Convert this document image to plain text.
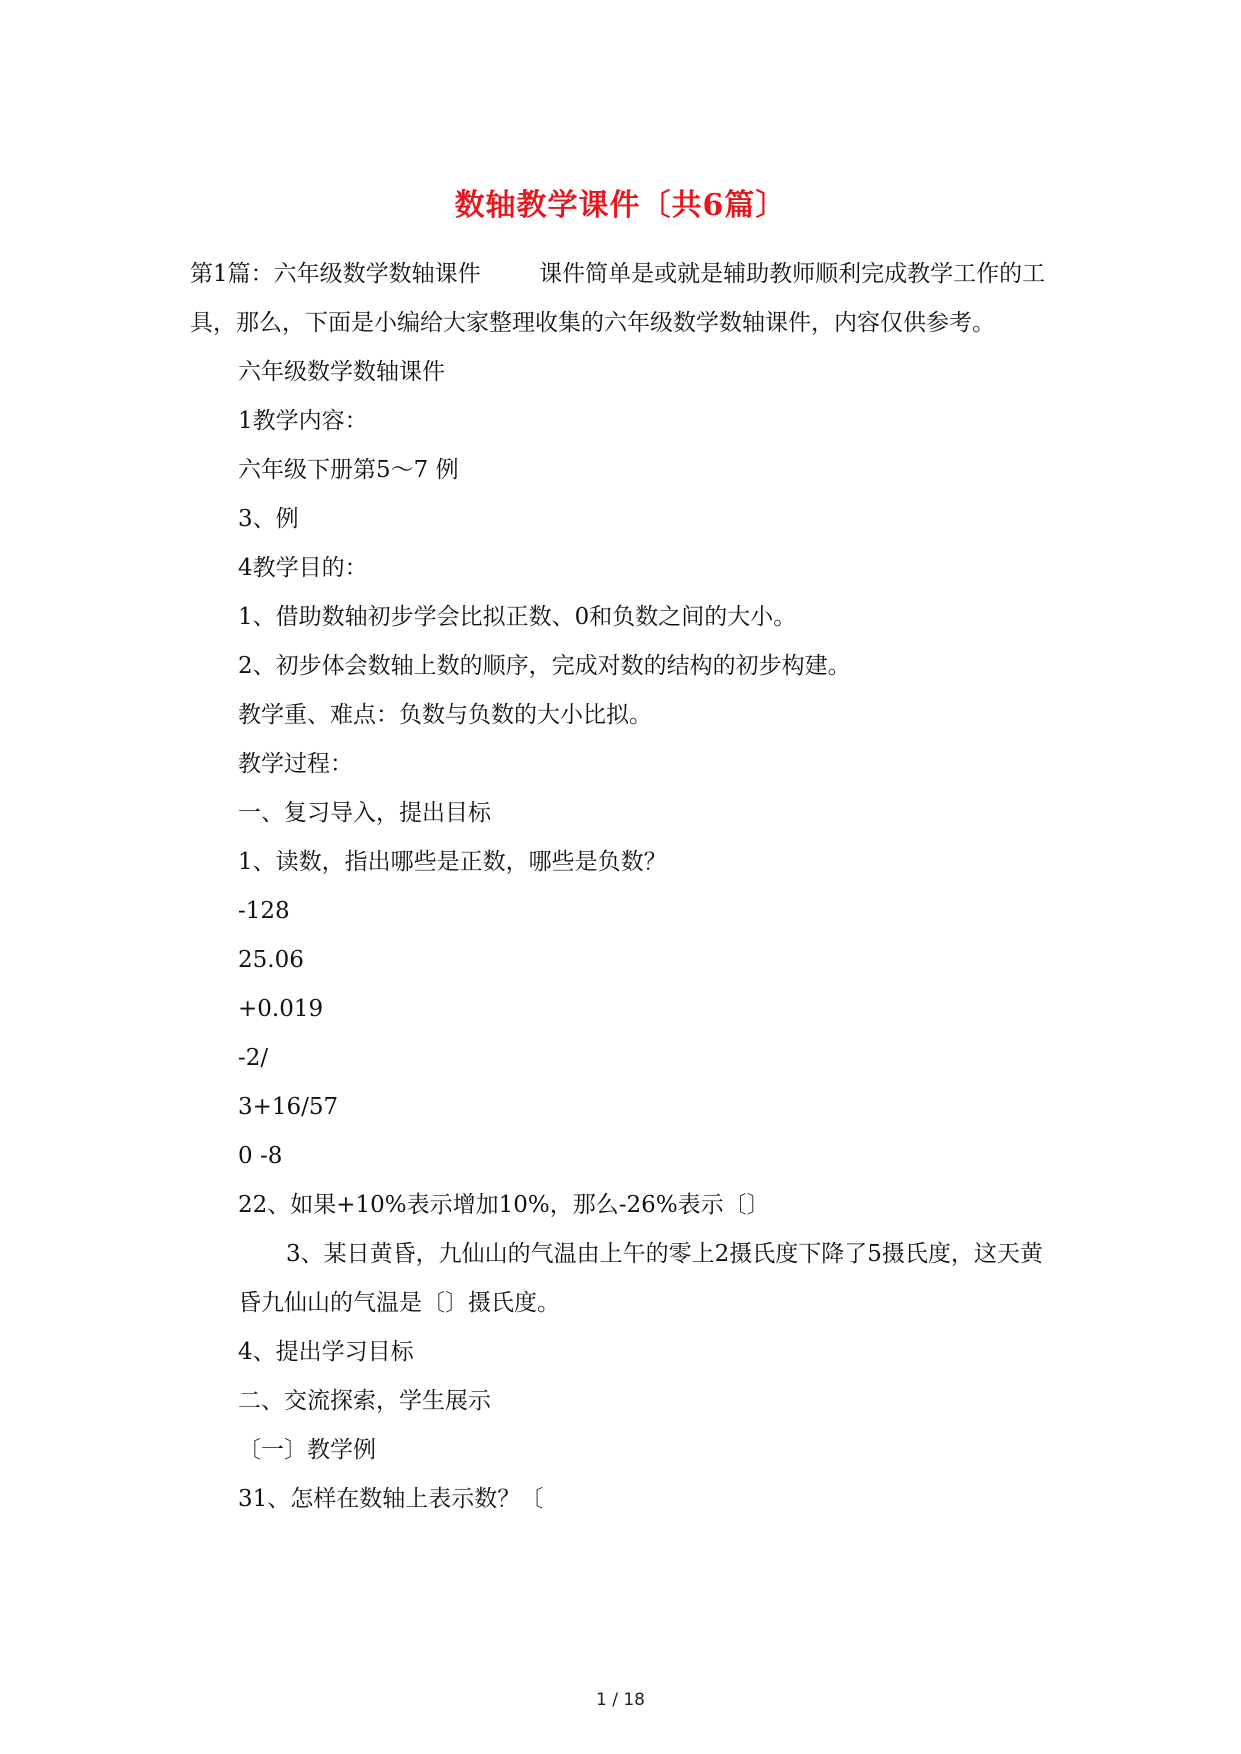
数轴教学课件〔共6篇〕

第1篇：六年级数学数轴课件        课件简单是或就是辅助教师顺利完成教学工作的工具，那么，下面是小编给大家整理收集的六年级数学数轴课件，内容仅供参考。

六年级数学数轴课件

1教学内容：

六年级下册第5～7 例

3、例

4教学目的：

1、借助数轴初步学会比拟正数、0和负数之间的大小。

2、初步体会数轴上数的顺序，完成对数的结构的初步构建。

教学重、难点：负数与负数的大小比拟。

教学过程：

一、复习导入，提出目标

1、读数，指出哪些是正数，哪些是负数？

-128

25.06

+0.019

-2/

3+16/57

0 -8

22、如果+10%表示增加10%，那么-26%表示〔〕

3、某日黄昏，九仙山的气温由上午的零上2摄氏度下降了5摄氏度，这天黄昏九仙山的气温是〔〕摄氏度。

4、提出学习目标

二、交流探索，学生展示

〔一〕教学例

31、怎样在数轴上表示数？〔

1 / 18
